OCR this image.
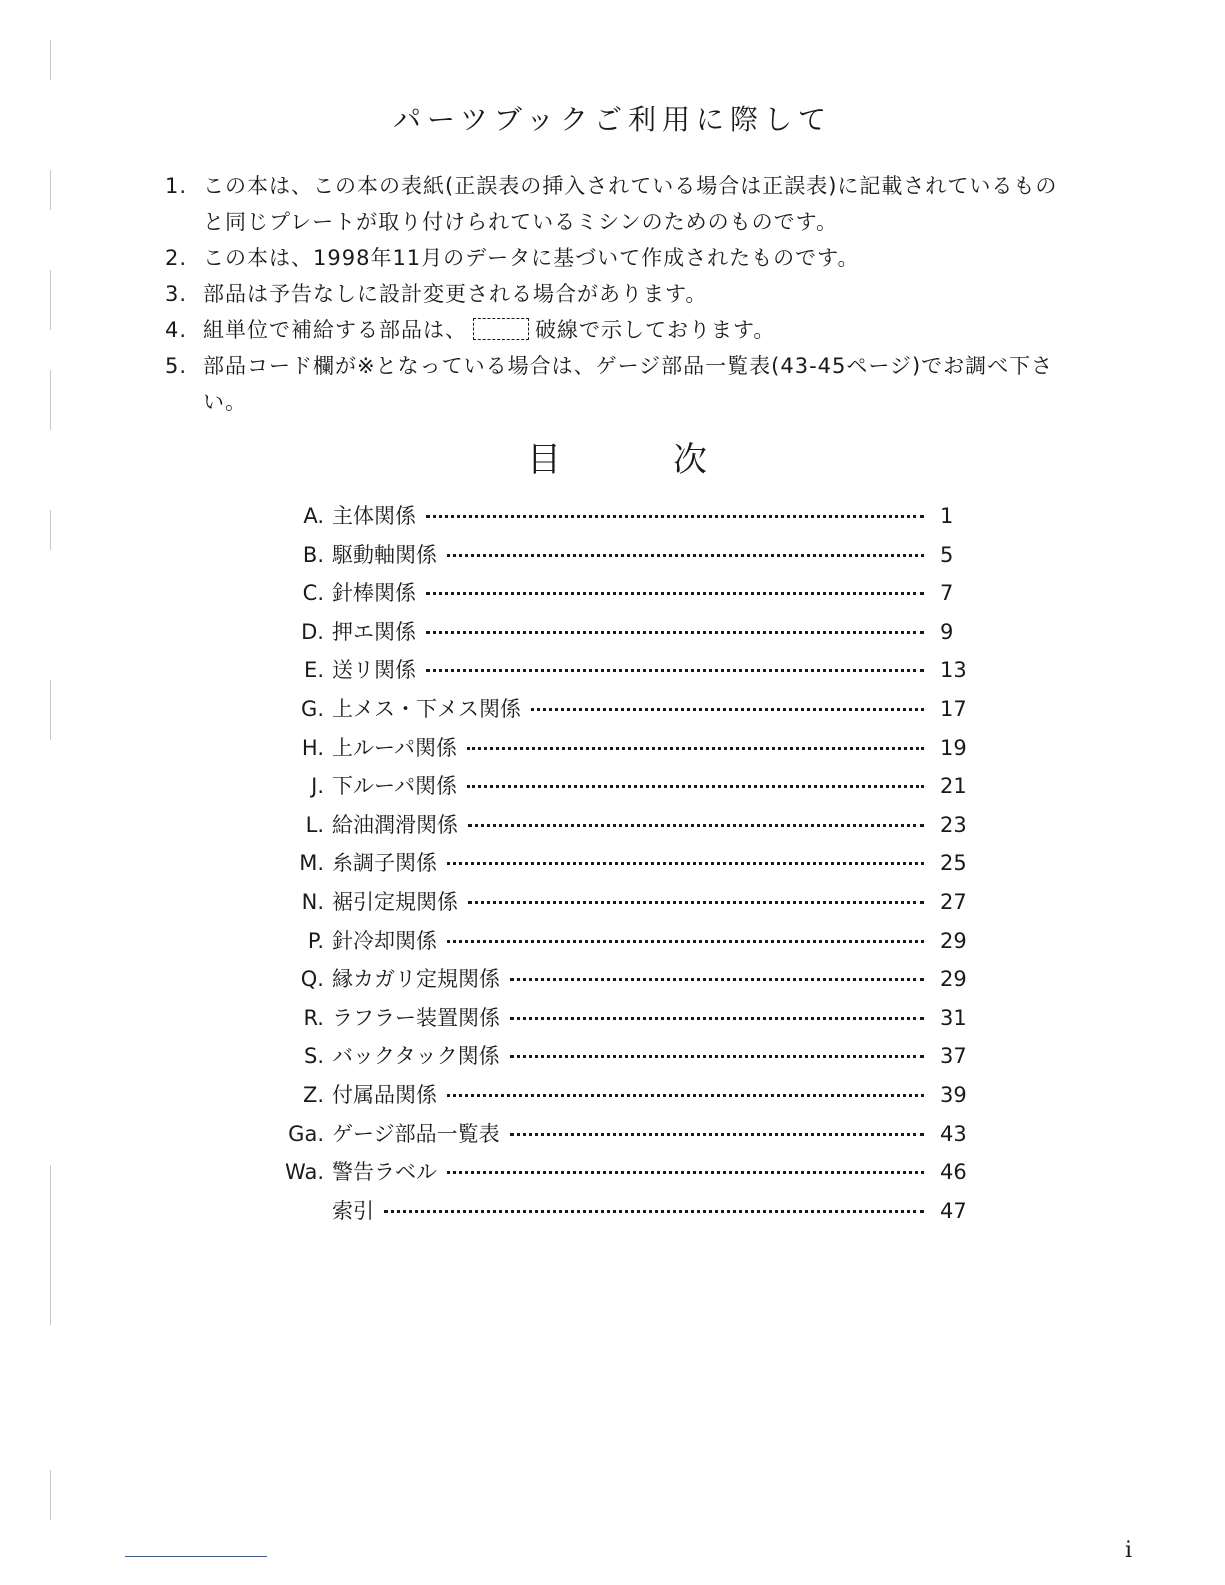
パーツブックご利用に際して
1. この本は、この本の表紙(正誤表の挿入されている場合は正誤表)に記載されているものと同じプレートが取り付けられているミシンのためのものです。
2. この本は、1998年11月のデータに基づいて作成されたものです。
3. 部品は予告なしに設計変更される場合があります。
4. 組単位で補給する部品は、	破線で示しております。
5. 部品コード欄が※となっている場合は、ゲージ部品一覧表(43-45ページ)でお調べ下さい。
目	次
A. 主体関係	1
B. 駆動軸関係	5
C. 針棒関係	7
D. 押エ関係	9
E. 送リ関係	13
G. 上メス・下メス関係	17
H. 上ルーパ関係	19
J. 下ルーパ関係	21
L. 給油潤滑関係	23
M. 糸調子関係	25
N. 裾引定規関係	27
P. 針冷却関係	29
Q. 縁カガリ定規関係	29
R. ラフラー装置関係	31
S. バックタック関係	37
Z. 付属品関係	39
Ga. ゲージ部品一覧表	43
Wa. 警告ラベル	46
索引	47
i
